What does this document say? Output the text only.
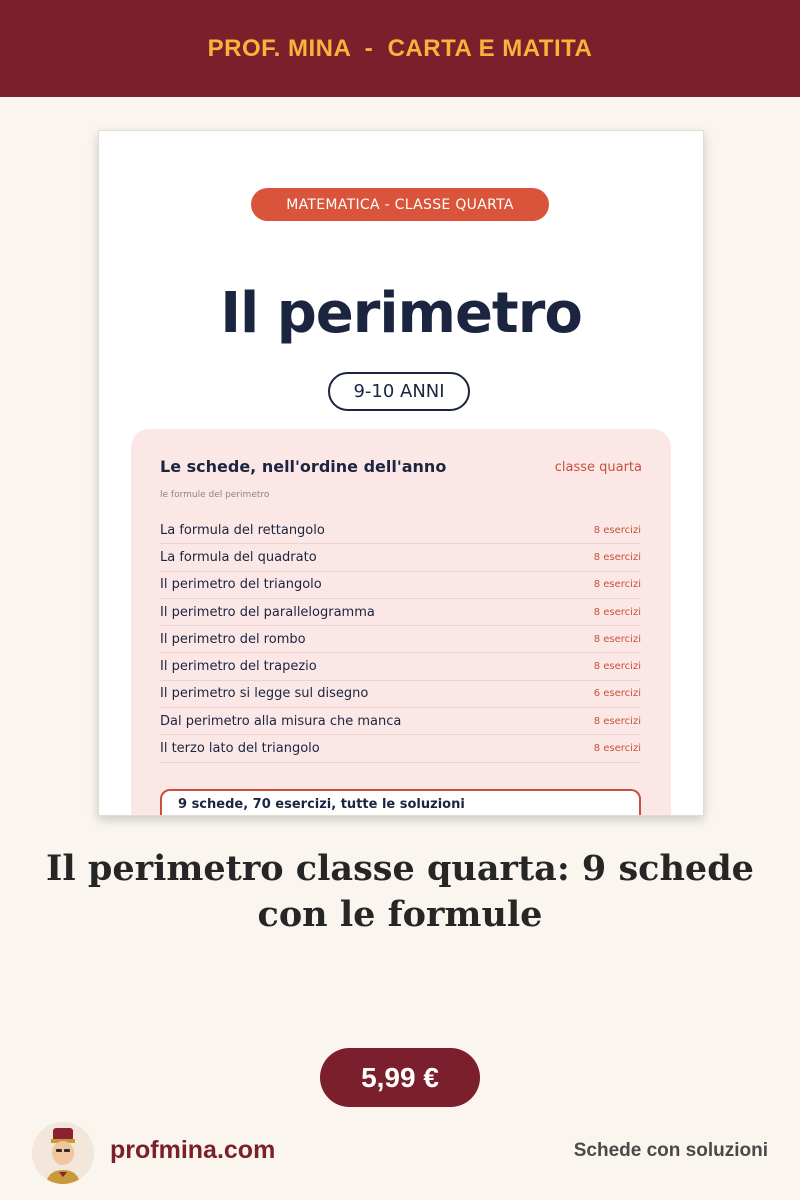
PROF. MINA  -  CARTA E MATITA
MATEMATICA - CLASSE QUARTA
Il perimetro
9-10 ANNI
Le schede, nell'ordine dell'anno	classe quarta
le formule del perimetro
La formula del rettangolo	8 esercizi
La formula del quadrato	8 esercizi
Il perimetro del triangolo	8 esercizi
Il perimetro del parallelogramma	8 esercizi
Il perimetro del rombo	8 esercizi
Il perimetro del trapezio	8 esercizi
Il perimetro si legge sul disegno	6 esercizi
Dal perimetro alla misura che manca	8 esercizi
Il terzo lato del triangolo	8 esercizi
9 schede, 70 esercizi, tutte le soluzioni
Il perimetro classe quarta: 9 schede
con le formule
5,99 €
profmina.com	Schede con soluzioni
